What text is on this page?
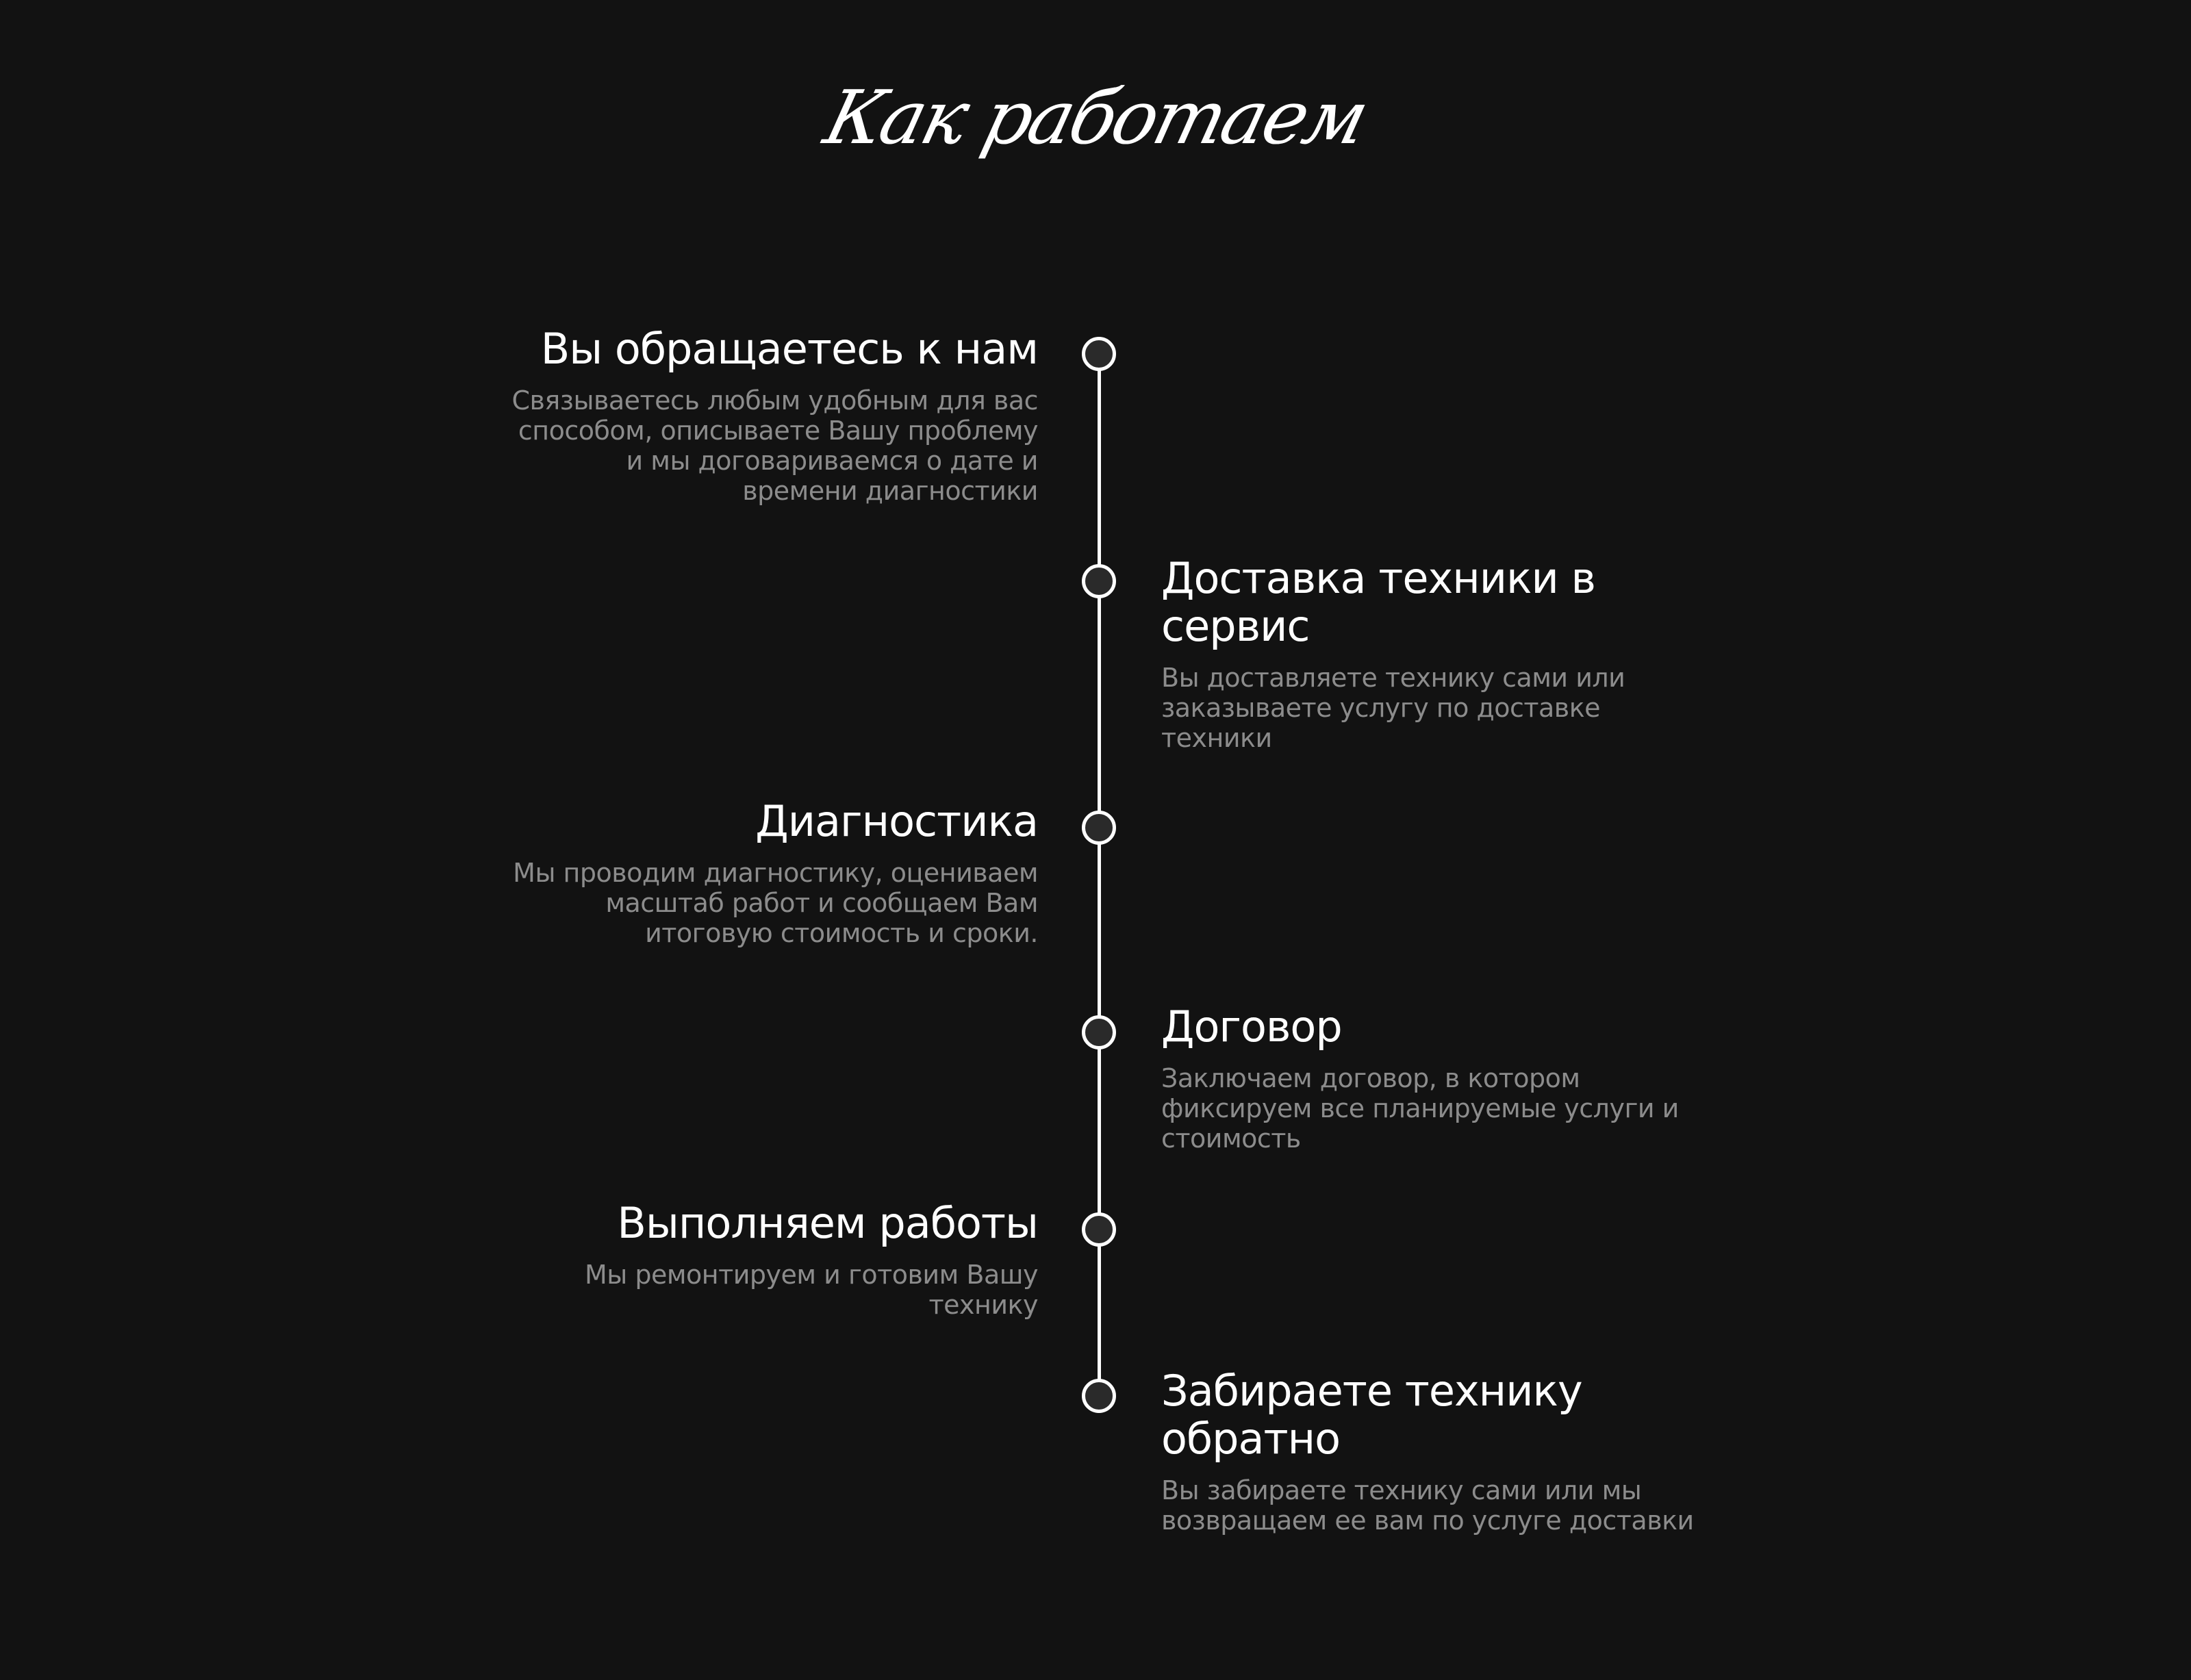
Как работаем
Вы обращаетесь к нам
Связываетесь любым удобным для вас
способом, описываете Вашу проблему
и мы договариваемся о дате и
времени диагностики
Доставка техники в
сервис
Вы доставляете технику сами или
заказываете услугу по доставке
техники
Диагностика
Мы проводим диагностику, оцениваем
масштаб работ и сообщаем Вам
итоговую стоимость и сроки.
Договор
Заключаем договор, в котором
фиксируем все планируемые услуги и
стоимость
Выполняем работы
Мы ремонтируем и готовим Вашу
технику
Забираете технику
обратно
Вы забираете технику сами или мы
возвращаем ее вам по услуге доставки
